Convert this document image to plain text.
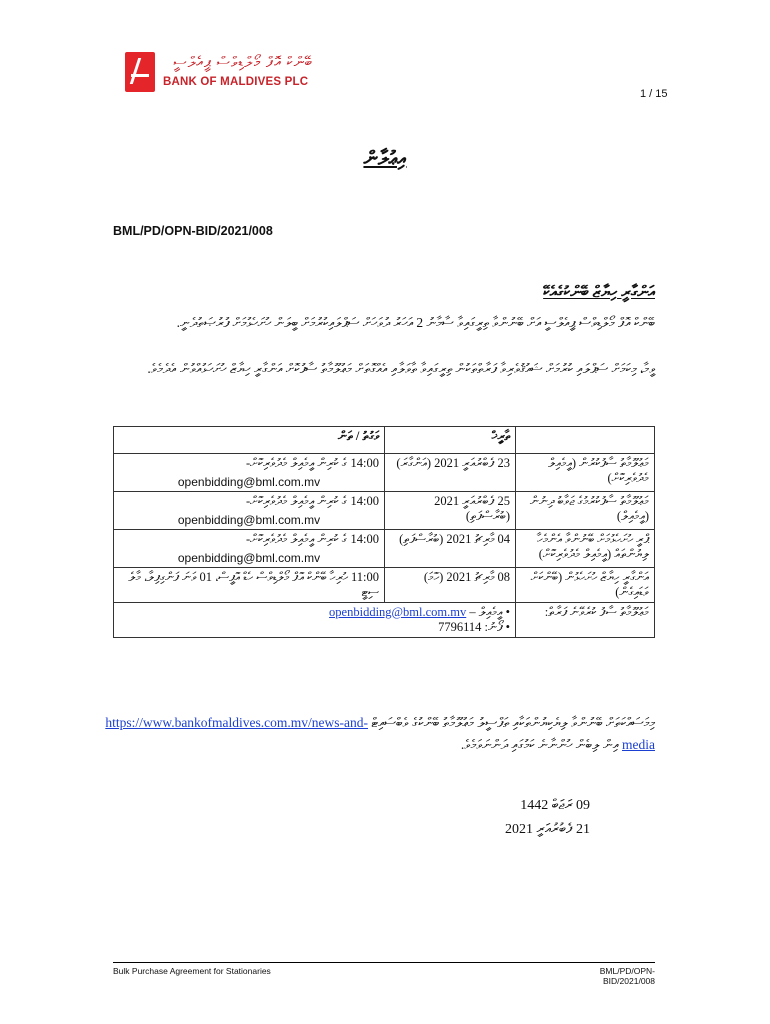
ބޭންކް އޮފް މޯލްޑިވްސް ޕީއެލްސީ
BANK OF MALDIVES PLC
1 / 15
އިޢުލާން
BML/PD/OPN-BID/2021/008
އަންގާރީ ހިޔާޒް ބޭންކުގެއެކޭ
ބޭންކް އޮފް މޯލްޑިވްސް ޕީއެލްސީ އަށް ބޭނުންވާ ތިރީގައިވާ ސާމާނު 2 އަހަރު ދުވަހަށް ސަޕްލައިކުރުމަށް ބީލަން ހުށަހެޅުމަށް ފުރުޞަތުދެނީ.
ވީމާ، މިކަމަށް ސަޕްލައި ކުރުމަށް ޝައުޤުވެރިވާ ފަރާތްތަކުން ތިރީގައިވާ ތާވަލާއި އެއްގޮތަށް މަޢުލޫމާތު ސާފުކޮށް އަންގާރީ ހިޔާޒް ހުށަހަޅުއްވުން އެދެމެވެ.
	ތާރީޚް	ވަގުތު / ތަން
މަޢުލޫމާތު ސާފުކުރުން (އީމެއިލް މެދުވެރިކޮށް)	23 ފެބްރުއަރީ 2021 (އަންގާރަ)	14:00 ގެ ކުރިން އީމެއިލް މެދުވެރިކޮށް-
openbidding@bml.com.mv

މަޢުލޫމާތު ސާފުކުރުމުގެ ޖަވާބު ދިނުން (އީމެއިލް)	25 ފެބްރުއަރީ 2021 (ބުރާސްފަތި)	14:00 ގެ ކުރިން އީމެއިލް މެދުވެރިކޮށް-
openbidding@bml.com.mv

ޕްރީ ހުށަހެޅުމަށް ބޭނުންވާ އެންމެހާ ލިޔުންތައް (އީމެއިލް މެދުވެރިކޮށް)	04 މާރިޗު 2021 (ބުރާސްފަތި)	14:00 ގެ ކުރިން އީމެއިލް މެދުވެރިކޮށް-
openbidding@bml.com.mv

އަންގާރީ ހިޔާޒް ހުށަހެޅުން (ބޭންކަށް ވަޑައިގެން)	08 މާރިޗު 2021 (ހޮމަ)	11:00 ހުރިހާ ބޭންކް އޮފް މޯލްޑިވްސް ހެޑް އޮފީސް، 01 ވަނަ ފަންގިފިލާ، މާލެ ސިޓީ
މަޢުލޫމާތު ސާފު ކުރެވޭނެ ފަރާތް:	• އީމެއިލް – openbidding@bml.com.mv
• ފޯނު: 7796114	
މިމަސައްކަތަށް ބޭނުންވާ ލިޔެކިޔުންތަކާއި ތަފްސީލު މަޢުލޫމާތު ބޭންކުގެ ވެބްސައިޓް https://www.bankofmaldives.com.mv/news-and-media އިން ލިބެން ހުންނާނެ ކަމުގައި ދަންނަވަމެވެ.
09 ރަޖަބް 1442
21 ފެބުރުއަރީ 2021
Bulk Purchase Agreement for Stationaries	BML/PD/OPN-BID/2021/008
